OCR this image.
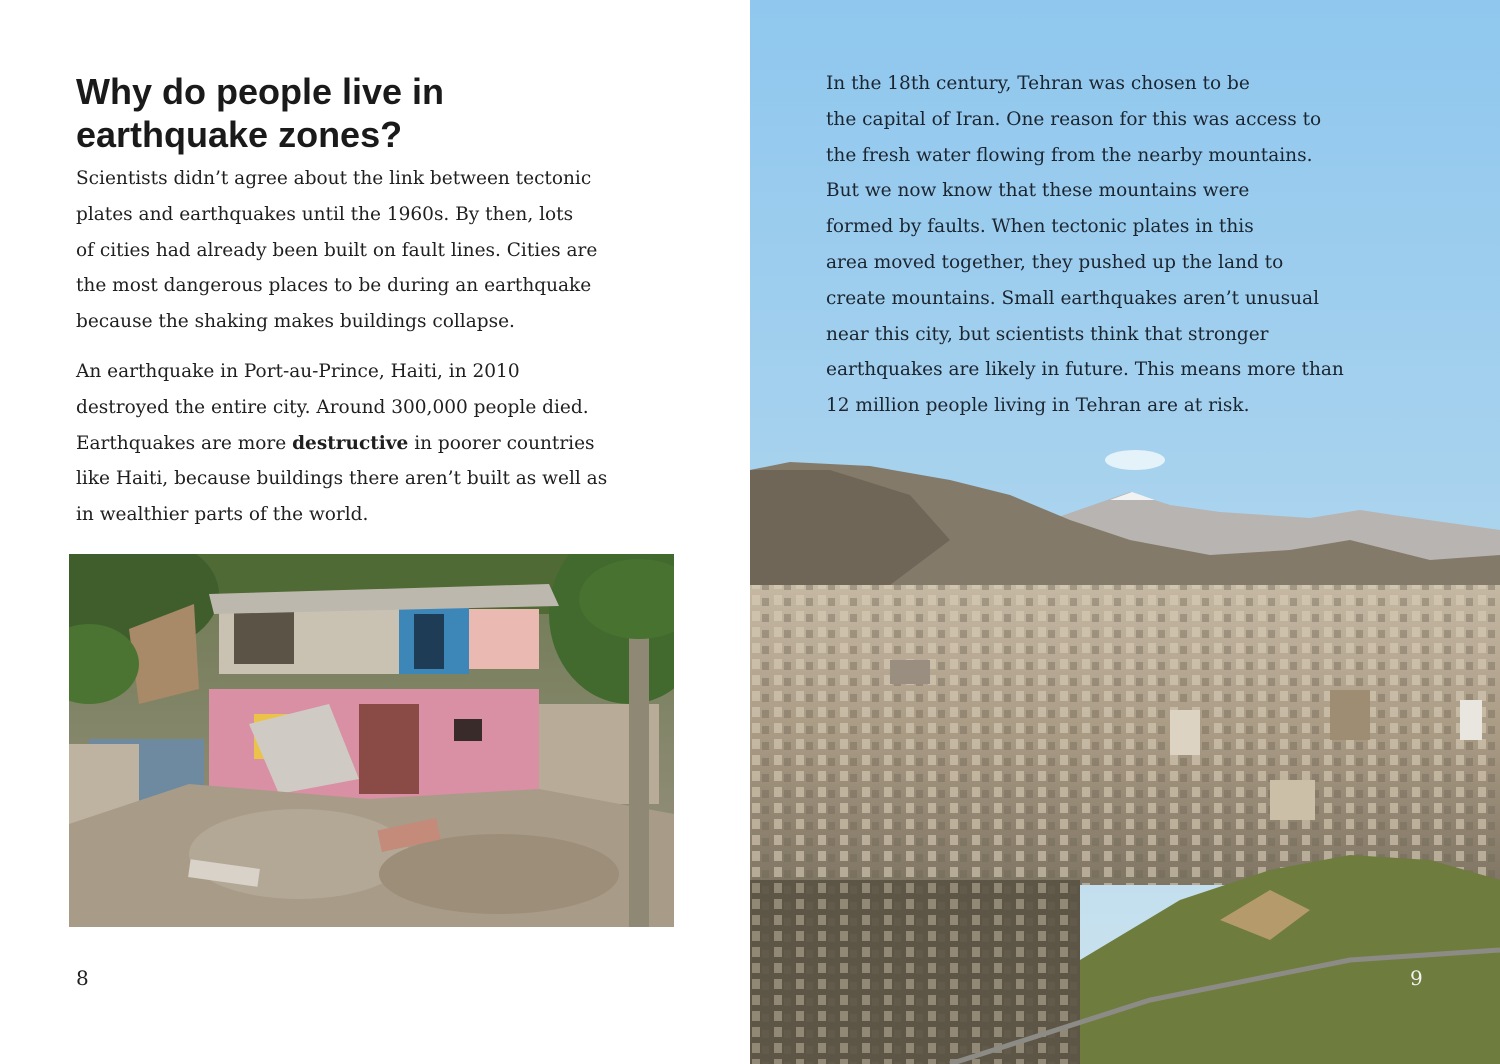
Why do people live in
earthquake zones?

Scientists didn’t agree about the link between tectonic
plates and earthquakes until the 1960s. By then, lots
of cities had already been built on fault lines. Cities are
the most dangerous places to be during an earthquake
because the shaking makes buildings collapse.

An earthquake in Port-au-Prince, Haiti, in 2010
destroyed the entire city. Around 300,000 people died.
Earthquakes are more destructive in poorer countries
like Haiti, because buildings there aren’t built as well as
in wealthier parts of the world.

8

In the 18th century, Tehran was chosen to be
the capital of Iran. One reason for this was access to
the fresh water flowing from the nearby mountains.
But we now know that these mountains were
formed by faults. When tectonic plates in this
area moved together, they pushed up the land to
create mountains. Small earthquakes aren’t unusual
near this city, but scientists think that stronger
earthquakes are likely in future. This means more than
12 million people living in Tehran are at risk.

9
